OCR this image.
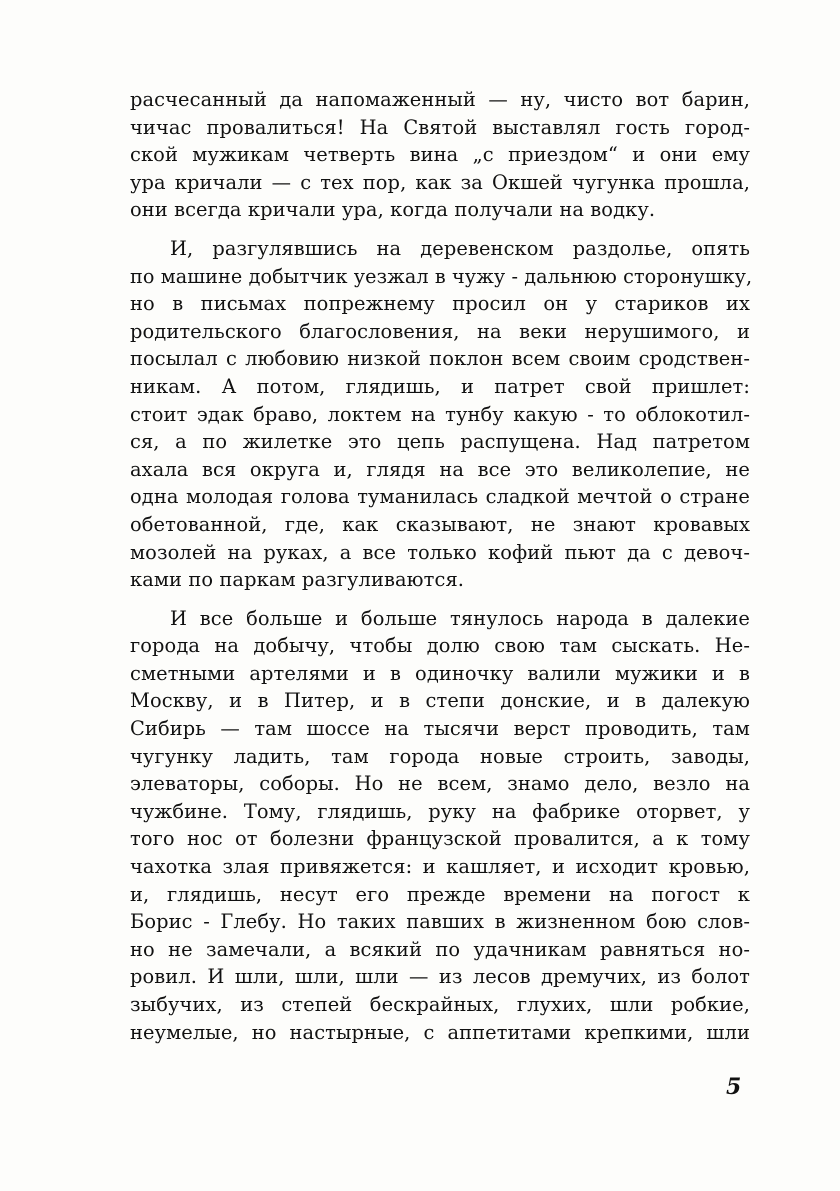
расчесанный да напомаженный — ну, чисто вот барин,
чичас провалиться! На Святой выставлял гость город-
ской мужикам четверть вина „с приездом“ и они ему
ура кричали — с тех пор, как за Окшей чугунка прошла,
они всегда кричали ура, когда получали на водку.

И, разгулявшись на деревенском раздолье, опять
по машине добытчик уезжал в чужу - дальнюю сторонушку,
но в письмах попрежнему просил он у стариков их
родительского благословения, на веки нерушимого, и
посылал с любовию низкой поклон всем своим сродствен-
никам. А потом, глядишь, и патрет свой пришлет:
стоит эдак браво, локтем на тунбу какую - то облокотил-
ся, а по жилетке это цепь распущена. Над патретом
ахала вся округа и, глядя на все это великолепие, не
одна молодая голова туманилась сладкой мечтой о стране
обетованной, где, как сказывают, не знают кровавых
мозолей на руках, а все только кофий пьют да с девоч-
ками по паркам разгуливаются.

И все больше и больше тянулось народа в далекие
города на добычу, чтобы долю свою там сыскать. Не-
сметными артелями и в одиночку валили мужики и в
Москву, и в Питер, и в степи донские, и в далекую
Сибирь — там шоссе на тысячи верст проводить, там
чугунку ладить, там города новые строить, заводы,
элеваторы, соборы. Но не всем, знамо дело, везло на
чужбине. Тому, глядишь, руку на фабрике оторвет, у
того нос от болезни французской провалится, а к тому
чахотка злая привяжется: и кашляет, и исходит кровью,
и, глядишь, несут его прежде времени на погост к
Борис - Глебу. Но таких павших в жизненном бою слов-
но не замечали, а всякий по удачникам равняться но-
ровил. И шли, шли, шли — из лесов дремучих, из болот
зыбучих, из степей бескрайных, глухих, шли робкие,
неумелые, но настырные, с аппетитами крепкими, шли

5
